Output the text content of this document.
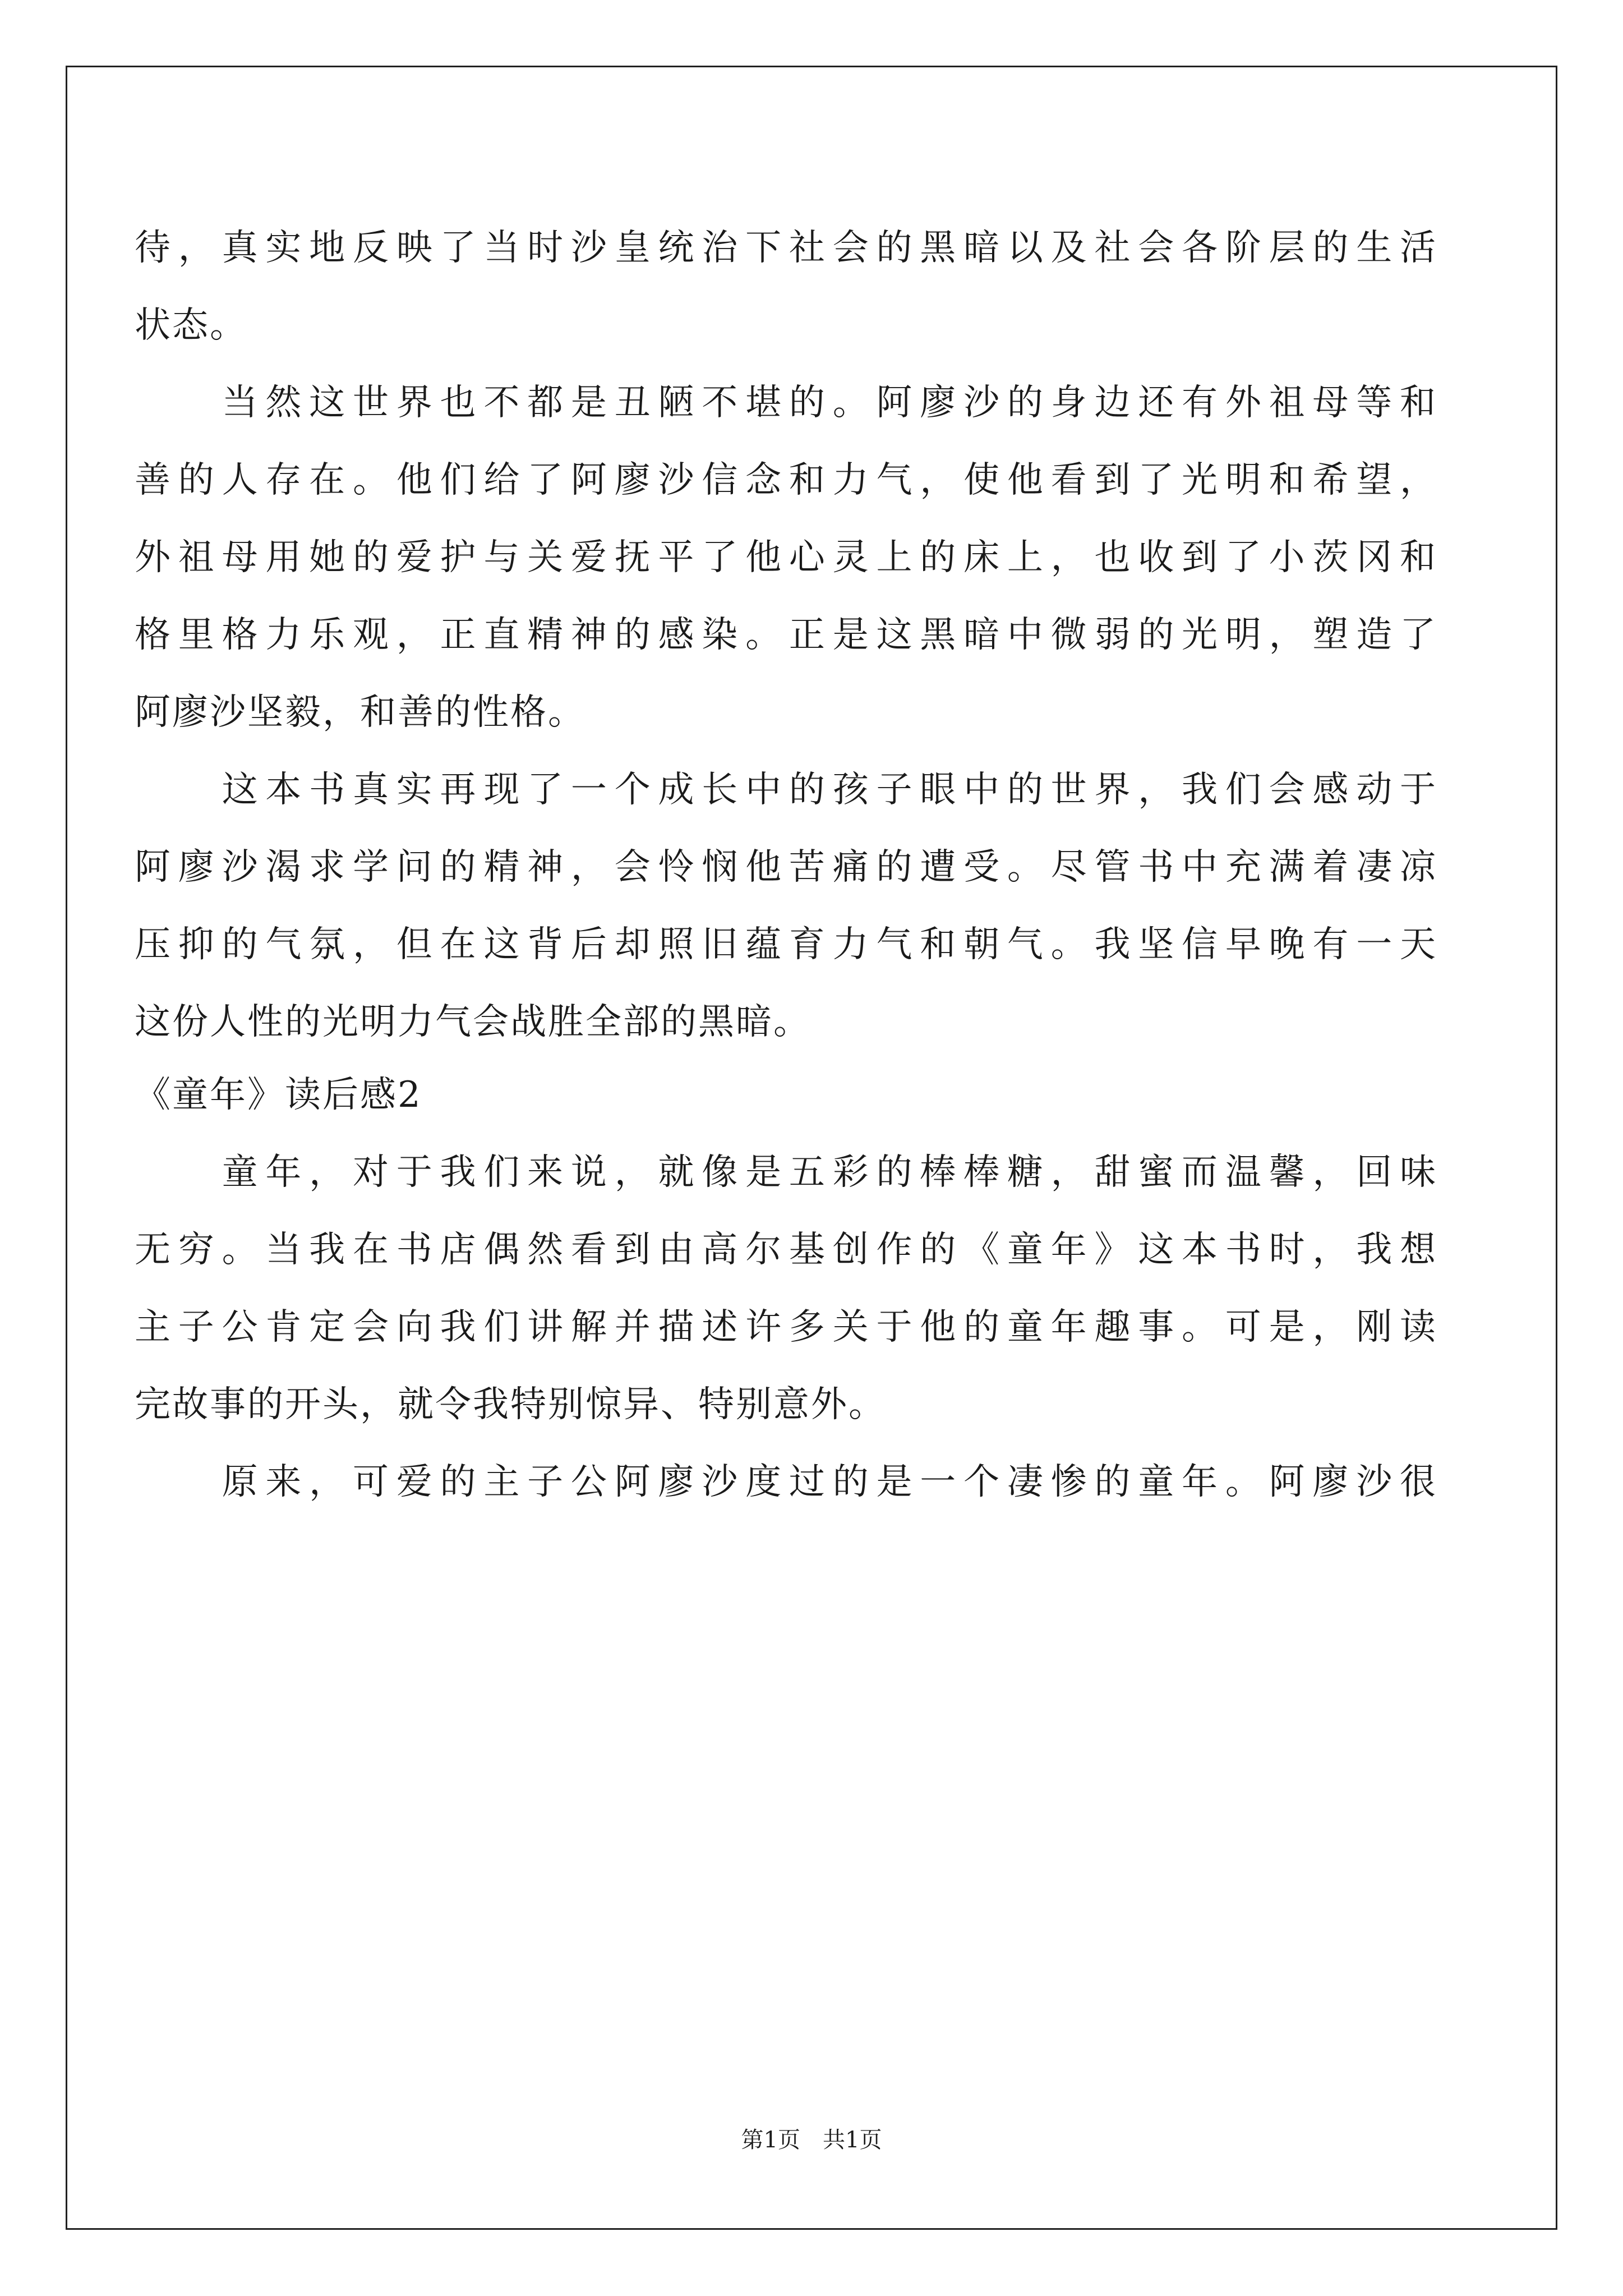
待，真实地反映了当时沙皇统治下社会的黑暗以及社会各阶层的生活
状态。
　　当然这世界也不都是丑陋不堪的。阿廖沙的身边还有外祖母等和
善的人存在。他们给了阿廖沙信念和力气，使他看到了光明和希望，
外祖母用她的爱护与关爱抚平了他心灵上的床上，也收到了小茨冈和
格里格力乐观，正直精神的感染。正是这黑暗中微弱的光明，塑造了
阿廖沙坚毅，和善的性格。
　　这本书真实再现了一个成长中的孩子眼中的世界，我们会感动于
阿廖沙渴求学问的精神，会怜悯他苦痛的遭受。尽管书中充满着凄凉
压抑的气氛，但在这背后却照旧蕴育力气和朝气。我坚信早晚有一天
这份人性的光明力气会战胜全部的黑暗。
《童年》读后感2
　　童年，对于我们来说，就像是五彩的棒棒糖，甜蜜而温馨，回味
无穷。当我在书店偶然看到由高尔基创作的《童年》这本书时，我想
主子公肯定会向我们讲解并描述许多关于他的童年趣事。可是，刚读
完故事的开头，就令我特别惊异、特别意外。
　　原来，可爱的主子公阿廖沙度过的是一个凄惨的童年。阿廖沙很
第1页　共1页
